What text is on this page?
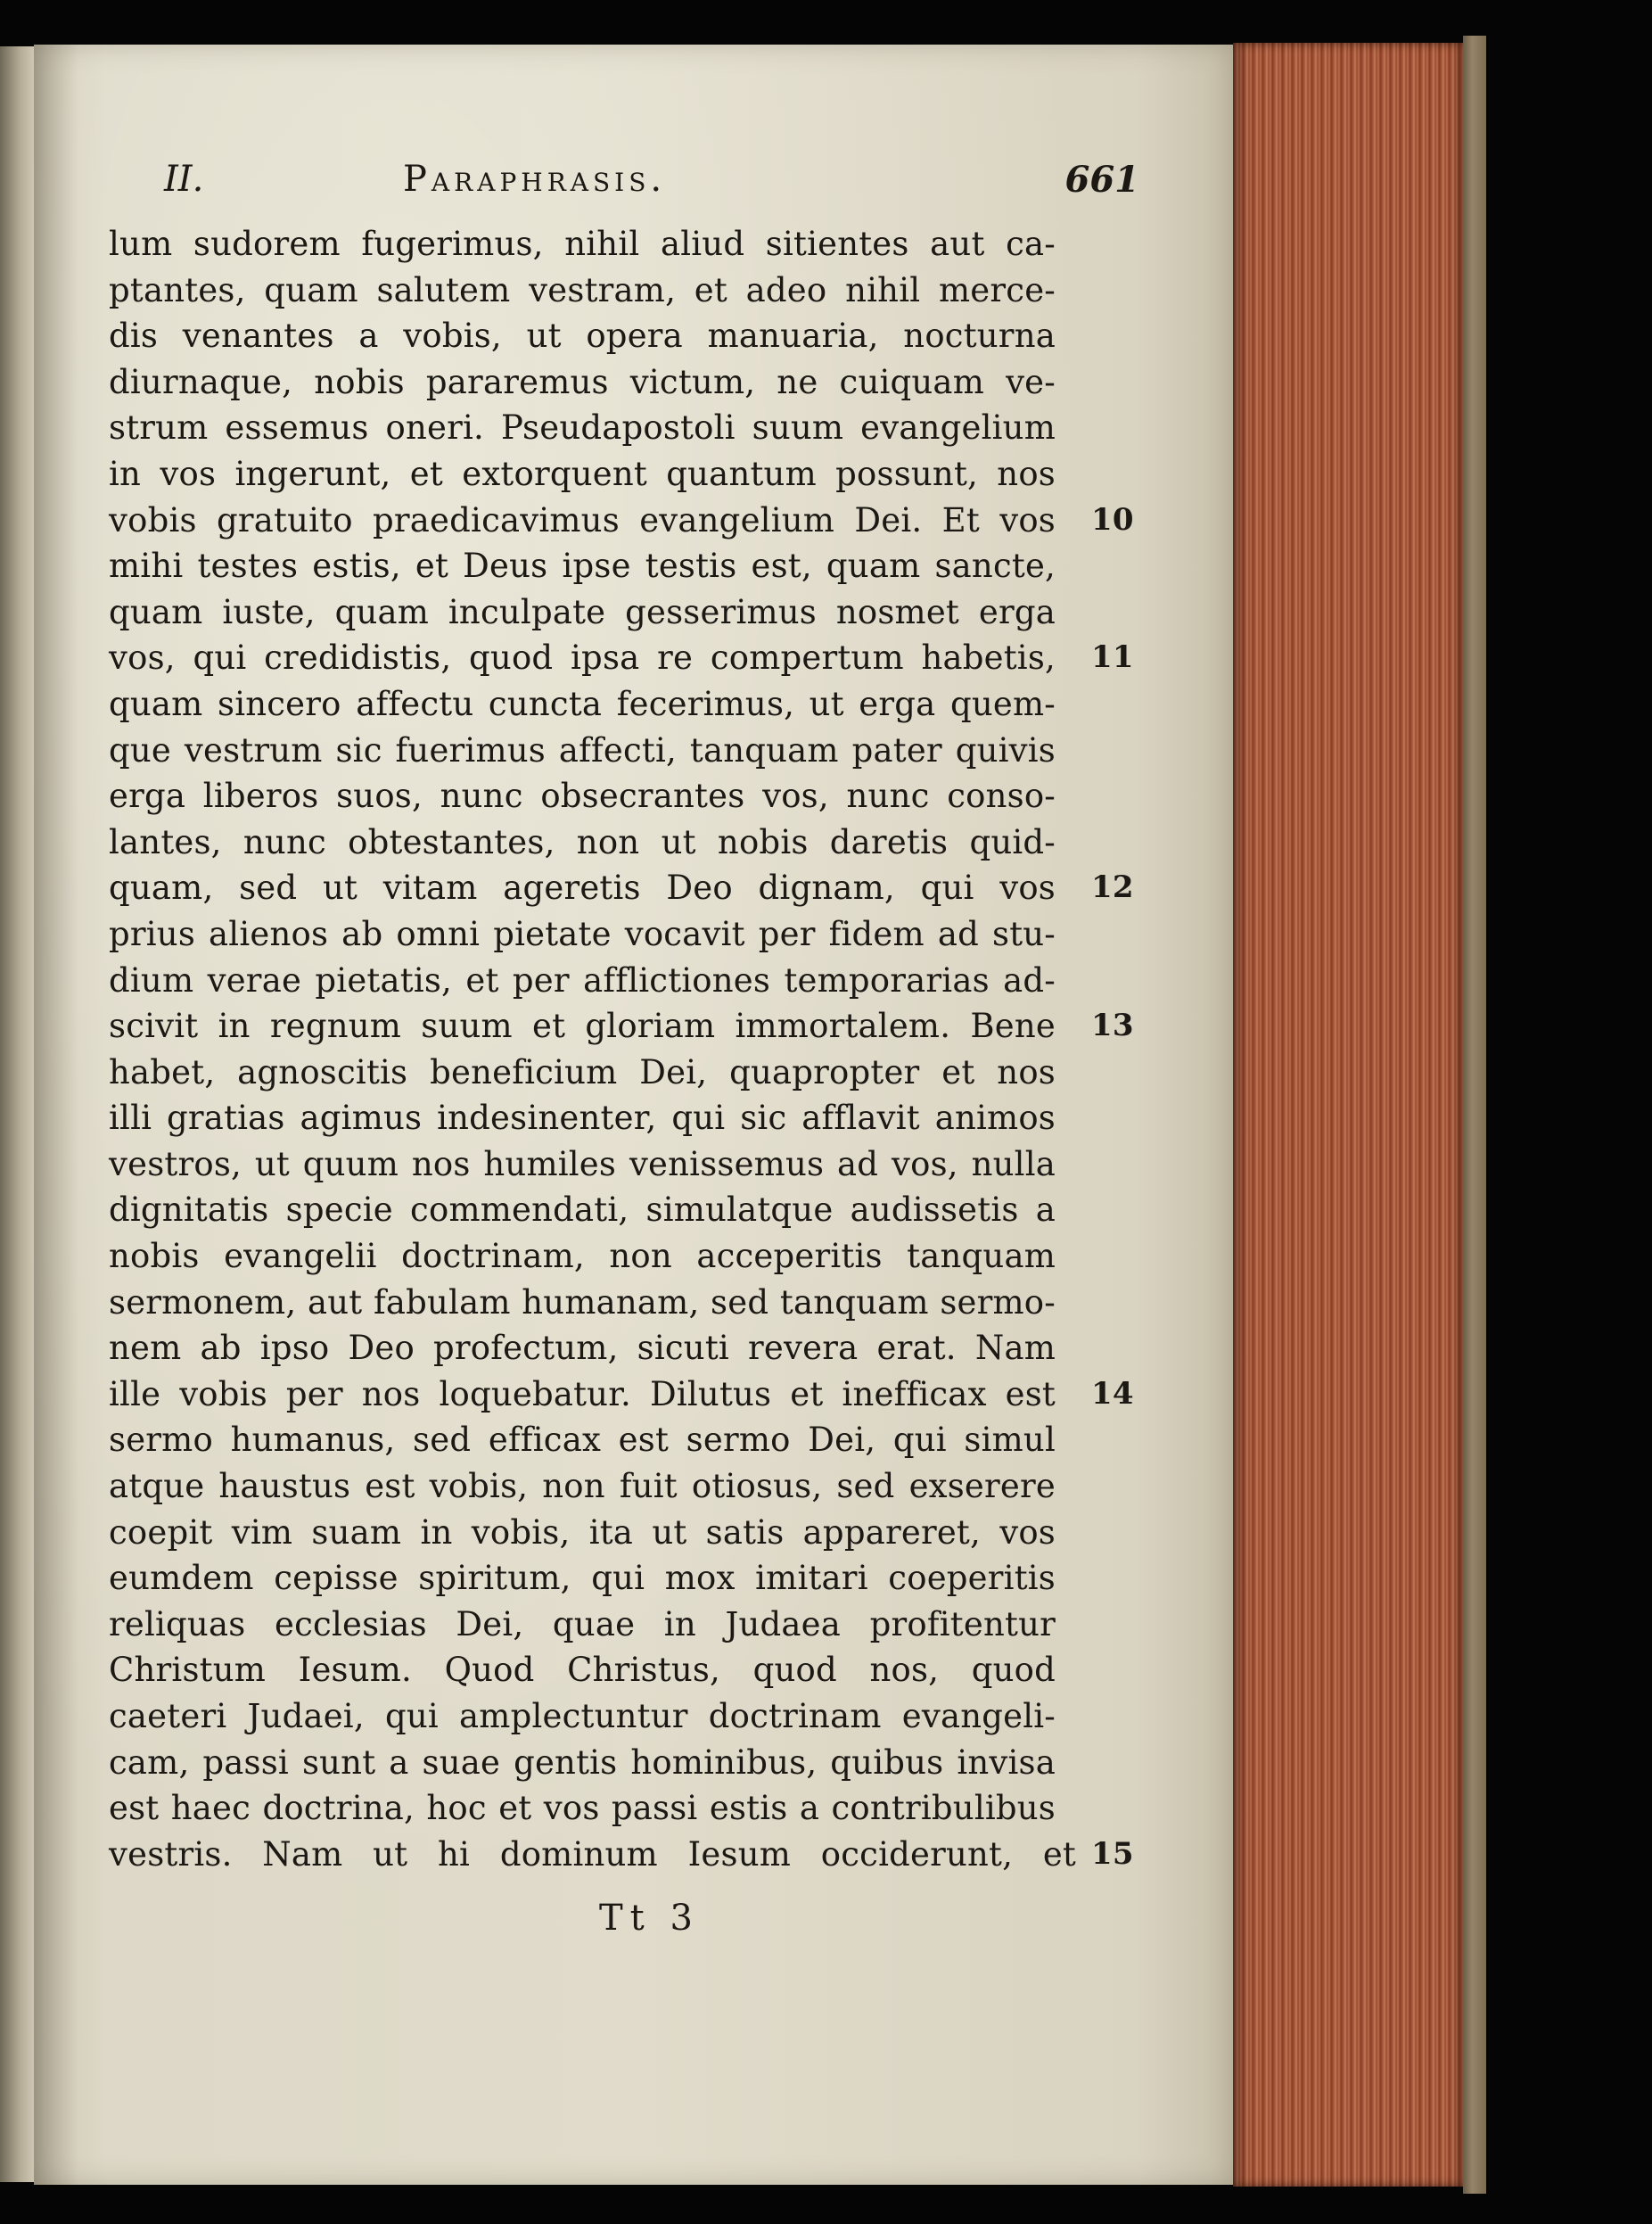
II.	Paraphrasis.	661
lum sudorem fugerimus, nihil aliud sitientes aut ca-
ptantes, quam salutem vestram, et adeo nihil merce-
dis venantes a vobis, ut opera manuaria, nocturna
diurnaque, nobis pararemus victum, ne cuiquam ve-
strum essemus oneri. Pseudapostoli suum evangelium
in vos ingerunt, et extorquent quantum possunt, nos
vobis gratuito praedicavimus evangelium Dei. Et vos 10
mihi testes estis, et Deus ipse testis est, quam sancte,
quam iuste, quam inculpate gesserimus nosmet erga
vos, qui credidistis, quod ipsa re compertum habetis, 11
quam sincero affectu cuncta fecerimus, ut erga quem-
que vestrum sic fuerimus affecti, tanquam pater quivis
erga liberos suos, nunc obsecrantes vos, nunc conso-
lantes, nunc obtestantes, non ut nobis daretis quid-
quam, sed ut vitam ageretis Deo dignam, qui vos 12
prius alienos ab omni pietate vocavit per fidem ad stu-
dium verae pietatis, et per afflictiones temporarias ad-
scivit in regnum suum et gloriam immortalem. Bene 13
habet, agnoscitis beneficium Dei, quapropter et nos
illi gratias agimus indesinenter, qui sic afflavit animos
vestros, ut quum nos humiles venissemus ad vos, nulla
dignitatis specie commendati, simulatque audissetis a
nobis evangelii doctrinam, non acceperitis tanquam
sermonem, aut fabulam humanam, sed tanquam sermo-
nem ab ipso Deo profectum, sicuti revera erat. Nam
ille vobis per nos loquebatur. Dilutus et inefficax est 14
sermo humanus, sed efficax est sermo Dei, qui simul
atque haustus est vobis, non fuit otiosus, sed exserere
coepit vim suam in vobis, ita ut satis appareret, vos
eumdem cepisse spiritum, qui mox imitari coeperitis
reliquas ecclesias Dei, quae in Judaea profitentur
Christum Iesum. Quod Christus, quod nos, quod
caeteri Judaei, qui amplectuntur doctrinam evangeli-
cam, passi sunt a suae gentis hominibus, quibus invisa
est haec doctrina, hoc et vos passi estis a contribulibus
vestris. Nam ut hi dominum Iesum occiderunt, et 15
Tt 3
